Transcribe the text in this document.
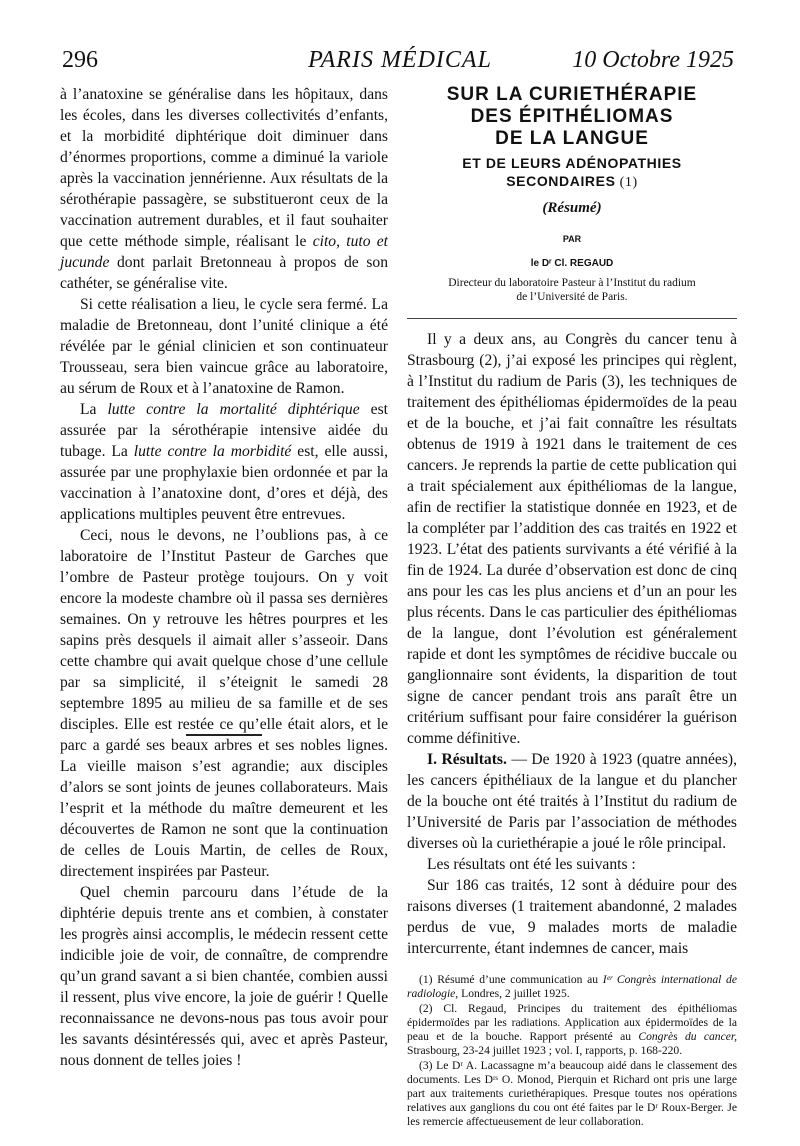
PARIS MÉDICAL
296	10 Octobre 1925

à l’anatoxine se généralise dans les hôpitaux, dans les écoles, dans les diverses collectivités d’enfants, et la morbidité diphtérique doit diminuer dans d’énormes proportions, comme a diminué la variole après la vaccination jennérienne. Aux résultats de la sérothérapie passagère, se substitueront ceux de la vaccination autrement durables, et il faut souhaiter que cette méthode simple, réalisant le cito, tuto et jucunde dont parlait Bretonneau à propos de son cathéter, se généralise vite.

Si cette réalisation a lieu, le cycle sera fermé. La maladie de Bretonneau, dont l’unité clinique a été révélée par le génial clinicien et son continuateur Trousseau, sera bien vaincue grâce au laboratoire, au sérum de Roux et à l’anatoxine de Ramon.

La lutte contre la mortalité diphtérique est assurée par la sérothérapie intensive aidée du tubage. La lutte contre la morbidité est, elle aussi, assurée par une prophylaxie bien ordonnée et par la vaccination à l’anatoxine dont, d’ores et déjà, des applications multiples peuvent être entrevues.

Ceci, nous le devons, ne l’oublions pas, à ce laboratoire de l’Institut Pasteur de Garches que l’ombre de Pasteur protège toujours. On y voit encore la modeste chambre où il passa ses dernières semaines. On y retrouve les hêtres pourpres et les sapins près desquels il aimait aller s’asseoir. Dans cette chambre qui avait quelque chose d’une cellule par sa simplicité, il s’éteignit le samedi 28 septembre 1895 au milieu de sa famille et de ses disciples. Elle est restée ce qu’elle était alors, et le parc a gardé ses beaux arbres et ses nobles lignes. La vieille maison s’est agrandie; aux disciples d’alors se sont joints de jeunes collaborateurs. Mais l’esprit et la méthode du maître demeurent et les découvertes de Ramon ne sont que la continuation de celles de Louis Martin, de celles de Roux, directement inspirées par Pasteur.

Quel chemin parcouru dans l’étude de la diphtérie depuis trente ans et combien, à constater les progrès ainsi accomplis, le médecin ressent cette indicible joie de voir, de connaître, de comprendre qu’un grand savant a si bien chantée, combien aussi il ressent, plus vive encore, la joie de guérir ! Quelle reconnaissance ne devons-nous pas tous avoir pour les savants désintéressés qui, avec et après Pasteur, nous donnent de telles joies !

SUR LA CURIETHÉRAPIE
DES ÉPITHÉLIOMAS
DE LA LANGUE
ET DE LEURS ADÉNOPATHIES
SECONDAIRES (1)
(Résumé)
PAR
le Dʳ Cl. REGAUD
Directeur du laboratoire Pasteur à l’Institut du radium
de l’Université de Paris.

Il y a deux ans, au Congrès du cancer tenu à Strasbourg (2), j’ai exposé les principes qui règlent, à l’Institut du radium de Paris (3), les techniques de traitement des épithéliomas épidermoïdes de la peau et de la bouche, et j’ai fait connaître les résultats obtenus de 1919 à 1921 dans le traitement de ces cancers. Je reprends la partie de cette publication qui a trait spécialement aux épithéliomas de la langue, afin de rectifier la statistique donnée en 1923, et de la compléter par l’addition des cas traités en 1922 et 1923. L’état des patients survivants a été vérifié à la fin de 1924. La durée d’observation est donc de cinq ans pour les cas les plus anciens et d’un an pour les plus récents. Dans le cas particulier des épithéliomas de la langue, dont l’évolution est généralement rapide et dont les symptômes de récidive buccale ou ganglionnaire sont évidents, la disparition de tout signe de cancer pendant trois ans paraît être un critérium suffisant pour faire considérer la guérison comme définitive.

I. Résultats. — De 1920 à 1923 (quatre années), les cancers épithéliaux de la langue et du plancher de la bouche ont été traités à l’Institut du radium de l’Université de Paris par l’association de méthodes diverses où la curiethérapie a joué le rôle principal.

Les résultats ont été les suivants :

Sur 186 cas traités, 12 sont à déduire pour des raisons diverses (1 traitement abandonné, 2 malades perdus de vue, 9 malades morts de maladie intercurrente, étant indemnes de cancer, mais

(1) Résumé d’une communication au Iᵉʳ Congrès international de radiologie, Londres, 2 juillet 1925.

(2) Cl. Regaud, Principes du traitement des épithéliomas épidermoïdes par les radiations. Application aux épidermoïdes de la peau et de la bouche. Rapport présenté au Congrès du cancer, Strasbourg, 23-24 juillet 1923 ; vol. I, rapports, p. 168-220.

(3) Le Dʳ A. Lacassagne m’a beaucoup aidé dans le classement des documents. Les Dʳˢ O. Monod, Pierquin et Richard ont pris une large part aux traitements curiethérapiques. Presque toutes nos opérations relatives aux ganglions du cou ont été faites par le Dʳ Roux-Berger. Je les remercie affectueusement de leur collaboration.
